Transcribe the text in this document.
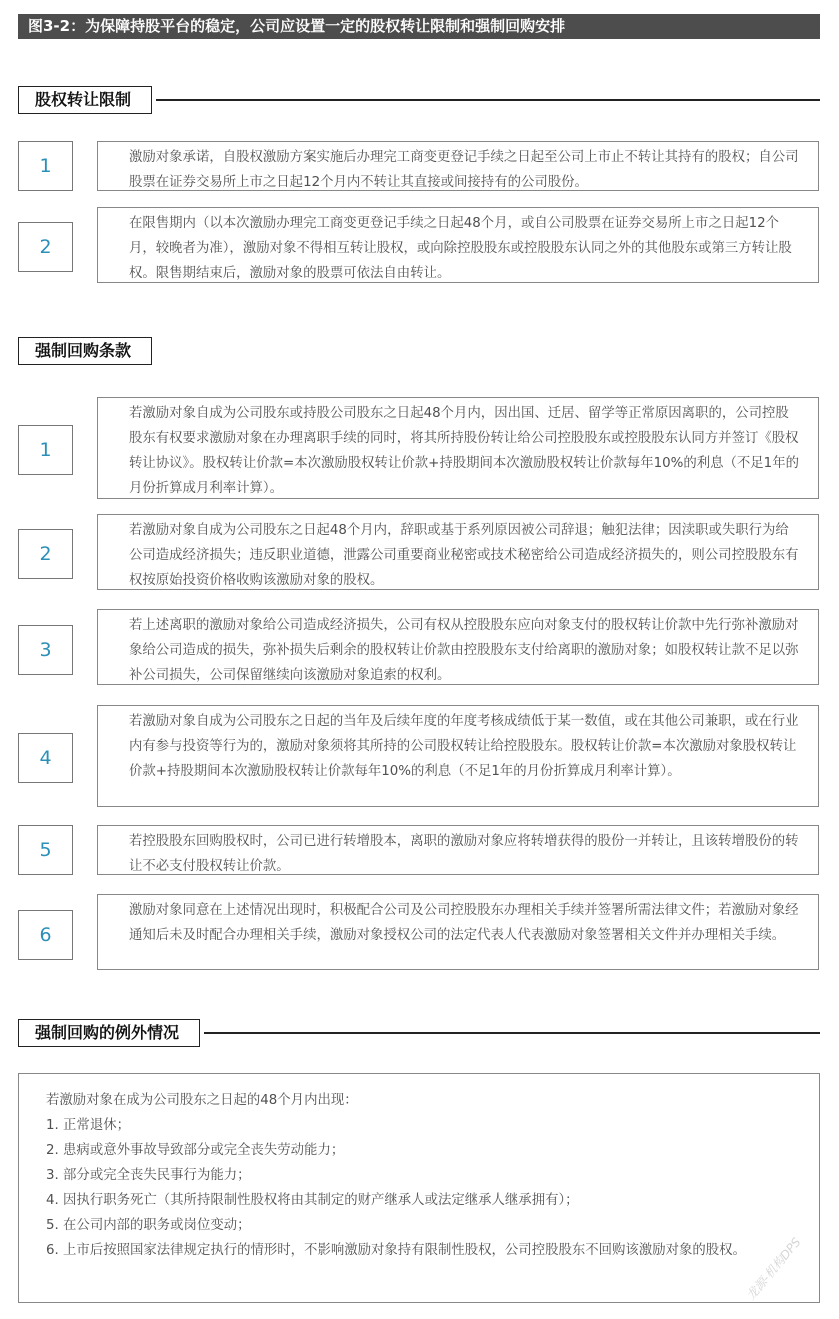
图3-2：为保障持股平台的稳定，公司应设置一定的股权转让限制和强制回购安排
股权转让限制
1	激励对象承诺，自股权激励方案实施后办理完工商变更登记手续之日起至公司上市止不转让其持有的股权；自公司股票在证券交易所上市之日起12个月内不转让其直接或间接持有的公司股份。
2
在限售期内（以本次激励办理完工商变更登记手续之日起48个月，或自公司股票在证券交易所上市之日起12个月，较晚者为准），激励对象不得相互转让股权，或向除控股股东或控股股东认同之外的其他股东或第三方转让股权。限售期结束后，激励对象的股票可依法自由转让。
强制回购条款
1
若激励对象自成为公司股东或持股公司股东之日起48个月内，因出国、迁居、留学等正常原因离职的，公司控股股东有权要求激励对象在办理离职手续的同时，将其所持股份转让给公司控股股东或控股股东认同方并签订《股权转让协议》。股权转让价款=本次激励股权转让价款+持股期间本次激励股权转让价款每年10%的利息（不足1年的月份折算成月利率计算）。
2
若激励对象自成为公司股东之日起48个月内，辞职或基于系列原因被公司辞退；触犯法律；因渎职或失职行为给公司造成经济损失；违反职业道德，泄露公司重要商业秘密或技术秘密给公司造成经济损失的，则公司控股股东有权按原始投资价格收购该激励对象的股权。
3
若上述离职的激励对象给公司造成经济损失，公司有权从控股股东应向对象支付的股权转让价款中先行弥补激励对象给公司造成的损失，弥补损失后剩余的股权转让价款由控股股东支付给离职的激励对象；如股权转让款不足以弥补公司损失，公司保留继续向该激励对象追索的权利。
4
若激励对象自成为公司股东之日起的当年及后续年度的年度考核成绩低于某一数值，或在其他公司兼职，或在行业内有参与投资等行为的，激励对象须将其所持的公司股权转让给控股股东。股权转让价款=本次激励对象股权转让价款+持股期间本次激励股权转让价款每年10%的利息（不足1年的月份折算成月利率计算）。
5	若控股股东回购股权时，公司已进行转增股本，离职的激励对象应将转增获得的股份一并转让，且该转增股份的转让不必支付股权转让价款。
6
激励对象同意在上述情况出现时，积极配合公司及公司控股股东办理相关手续并签署所需法律文件；若激励对象经通知后未及时配合办理相关手续，激励对象授权公司的法定代表人代表激励对象签署相关文件并办理相关手续。
强制回购的例外情况
若激励对象在成为公司股东之日起的48个月内出现：
1. 正常退休；
2. 患病或意外事故导致部分或完全丧失劳动能力；
3. 部分或完全丧失民事行为能力；
4. 因执行职务死亡（其所持限制性股权将由其制定的财产继承人或法定继承人继承拥有）；
5. 在公司内部的职务或岗位变动；
6. 上市后按照国家法律规定执行的情形时，不影响激励对象持有限制性股权，公司控股股东不回购该激励对象的股权。
龙源-机构DPS
